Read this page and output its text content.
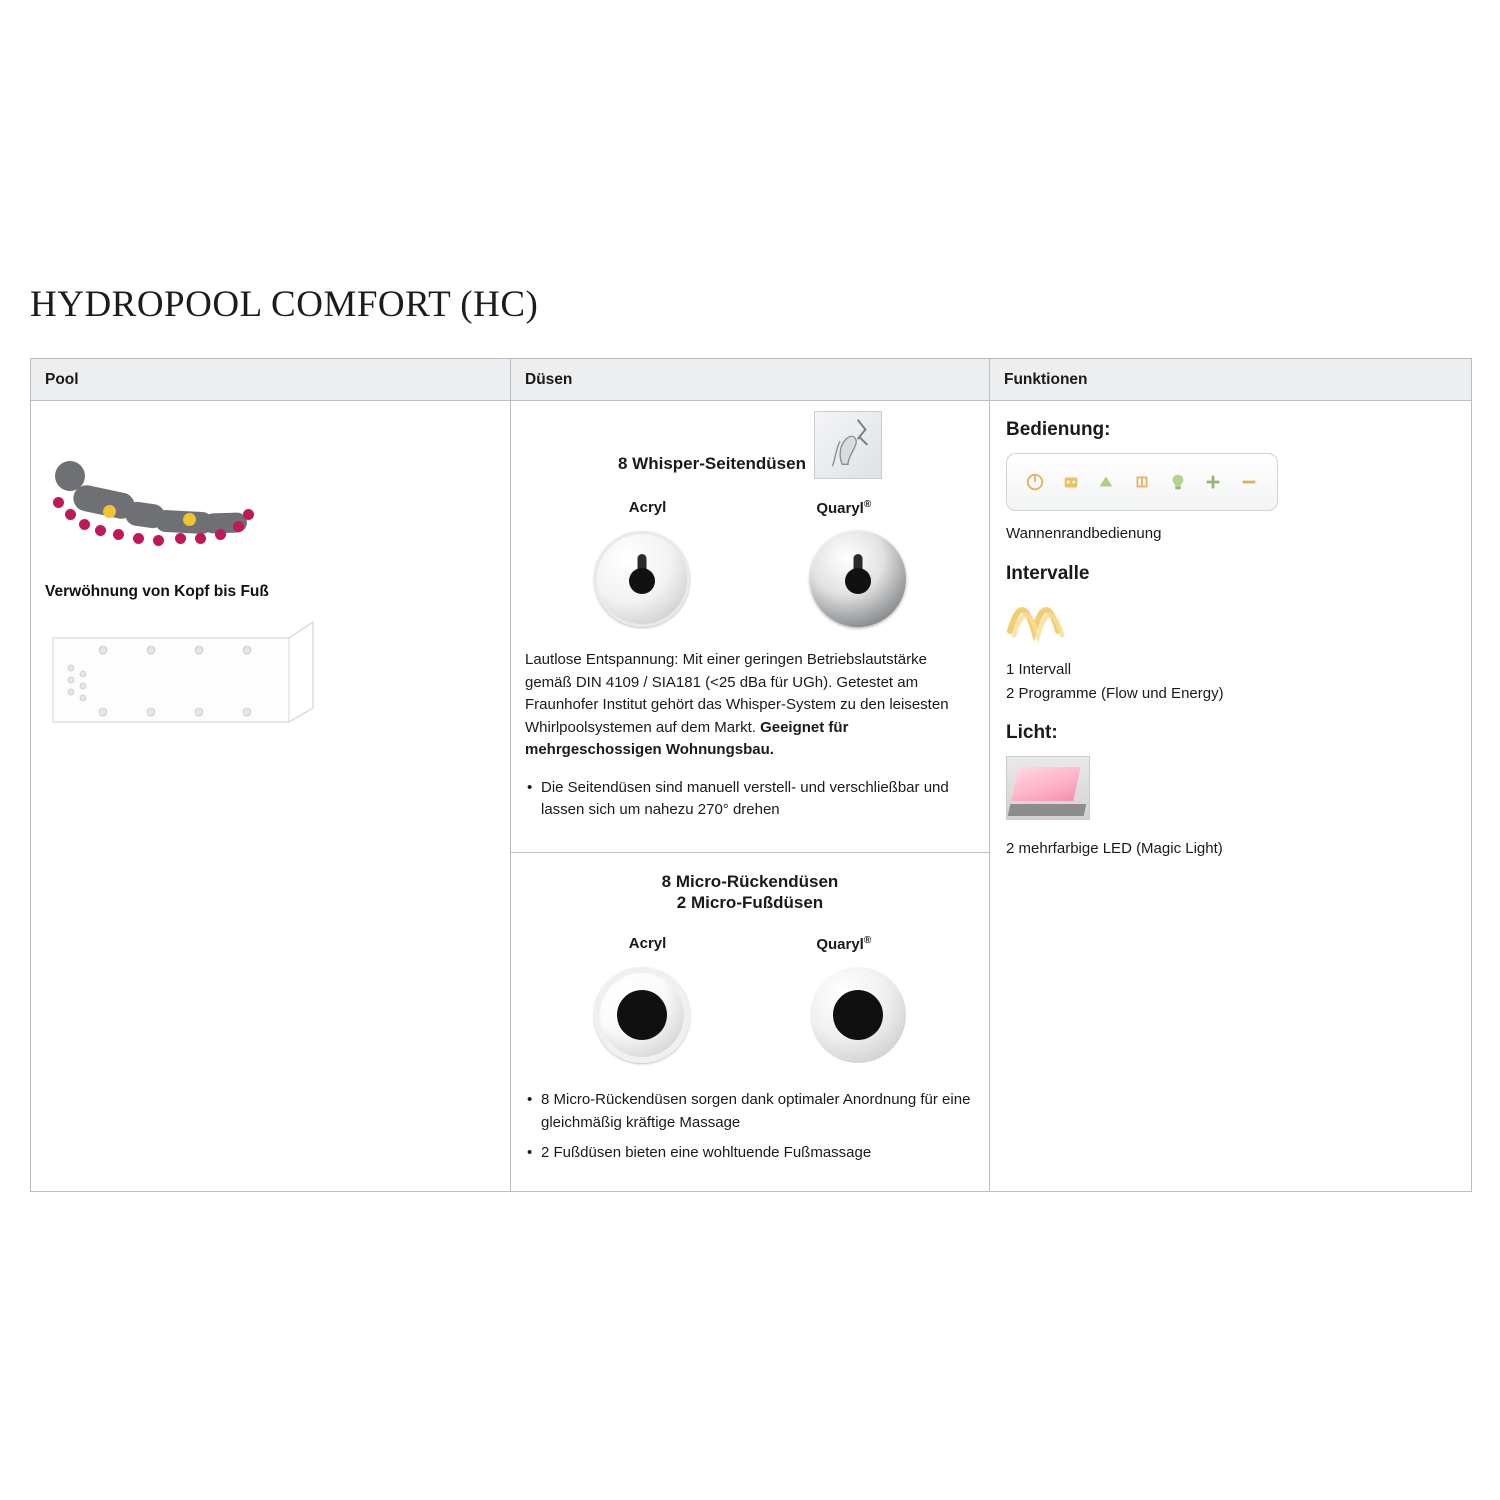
HYDROPOOL COMFORT (HC)
Pool	Düsen	Funktionen
Verwöhnung von Kopf bis Fuß
8 Whisper-Seitendüsen
Acryl	Quaryl®

Lautlose Entspannung: Mit einer geringen Betriebslautstärke gemäß DIN 4109 / SIA181 (<25 dBa für UGh). Getestet am Fraunhofer Institut gehört das Whisper-System zu den leisesten Whirlpoolsystemen auf dem Markt. Geeignet für mehrgeschossigen Wohnungsbau.

• Die Seitendüsen sind manuell verstell- und verschließbar und lassen sich um nahezu 270° drehen
8 Micro-Rückendüsen
2 Micro-Fußdüsen
Acryl	Quaryl®
• 8 Micro-Rückendüsen sorgen dank optimaler Anordnung für eine gleichmäßig kräftige Massage
• 2 Fußdüsen bieten eine wohltuende Fußmassage
Bedienung:

Wannenrandbedienung

Intervalle

1 Intervall

2 Programme (Flow und Energy)

Licht:

2 mehrfarbige LED (Magic Light)
